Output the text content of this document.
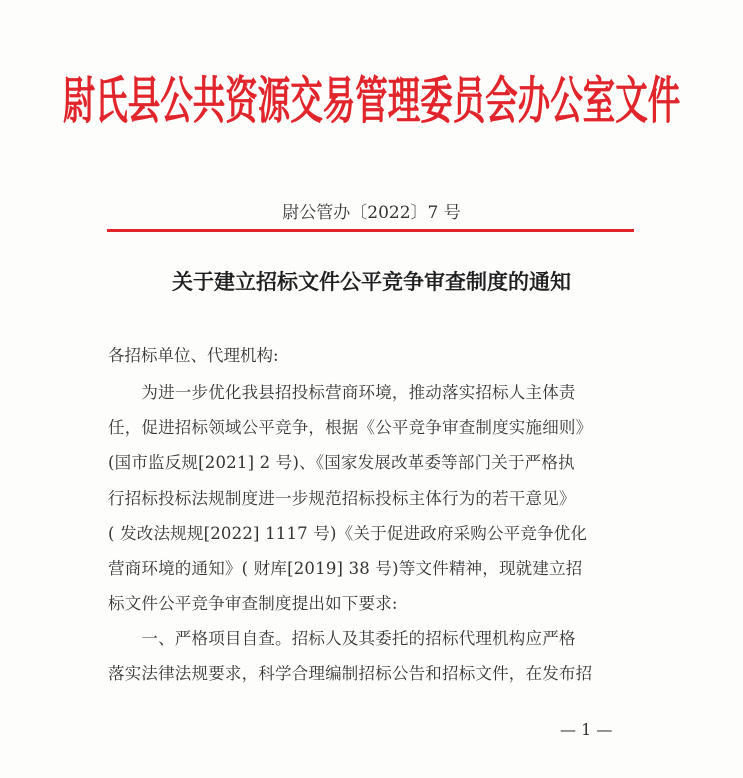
尉氏县公共资源交易管理委员会办公室文件
尉公管办〔2022〕7 号
关于建立招标文件公平竞争审查制度的通知
各招标单位、代理机构:
　　为进一步优化我县招投标营商环境，推动落实招标人主体责
任，促进招标领域公平竞争，根据《公平竞争审查制度实施细则》
(国市监反规[2021] 2 号)、《国家发展改革委等部门关于严格执
行招标投标法规制度进一步规范招标投标主体行为的若干意见》
( 发改法规规[2022] 1117 号)《关于促进政府采购公平竞争优化
营商环境的通知》( 财库[2019] 38 号)等文件精神，现就建立招
标文件公平竞争审查制度提出如下要求:
　　一、严格项目自查。招标人及其委托的招标代理机构应严格
落实法律法规要求，科学合理编制招标公告和招标文件，在发布招
— 1 —
